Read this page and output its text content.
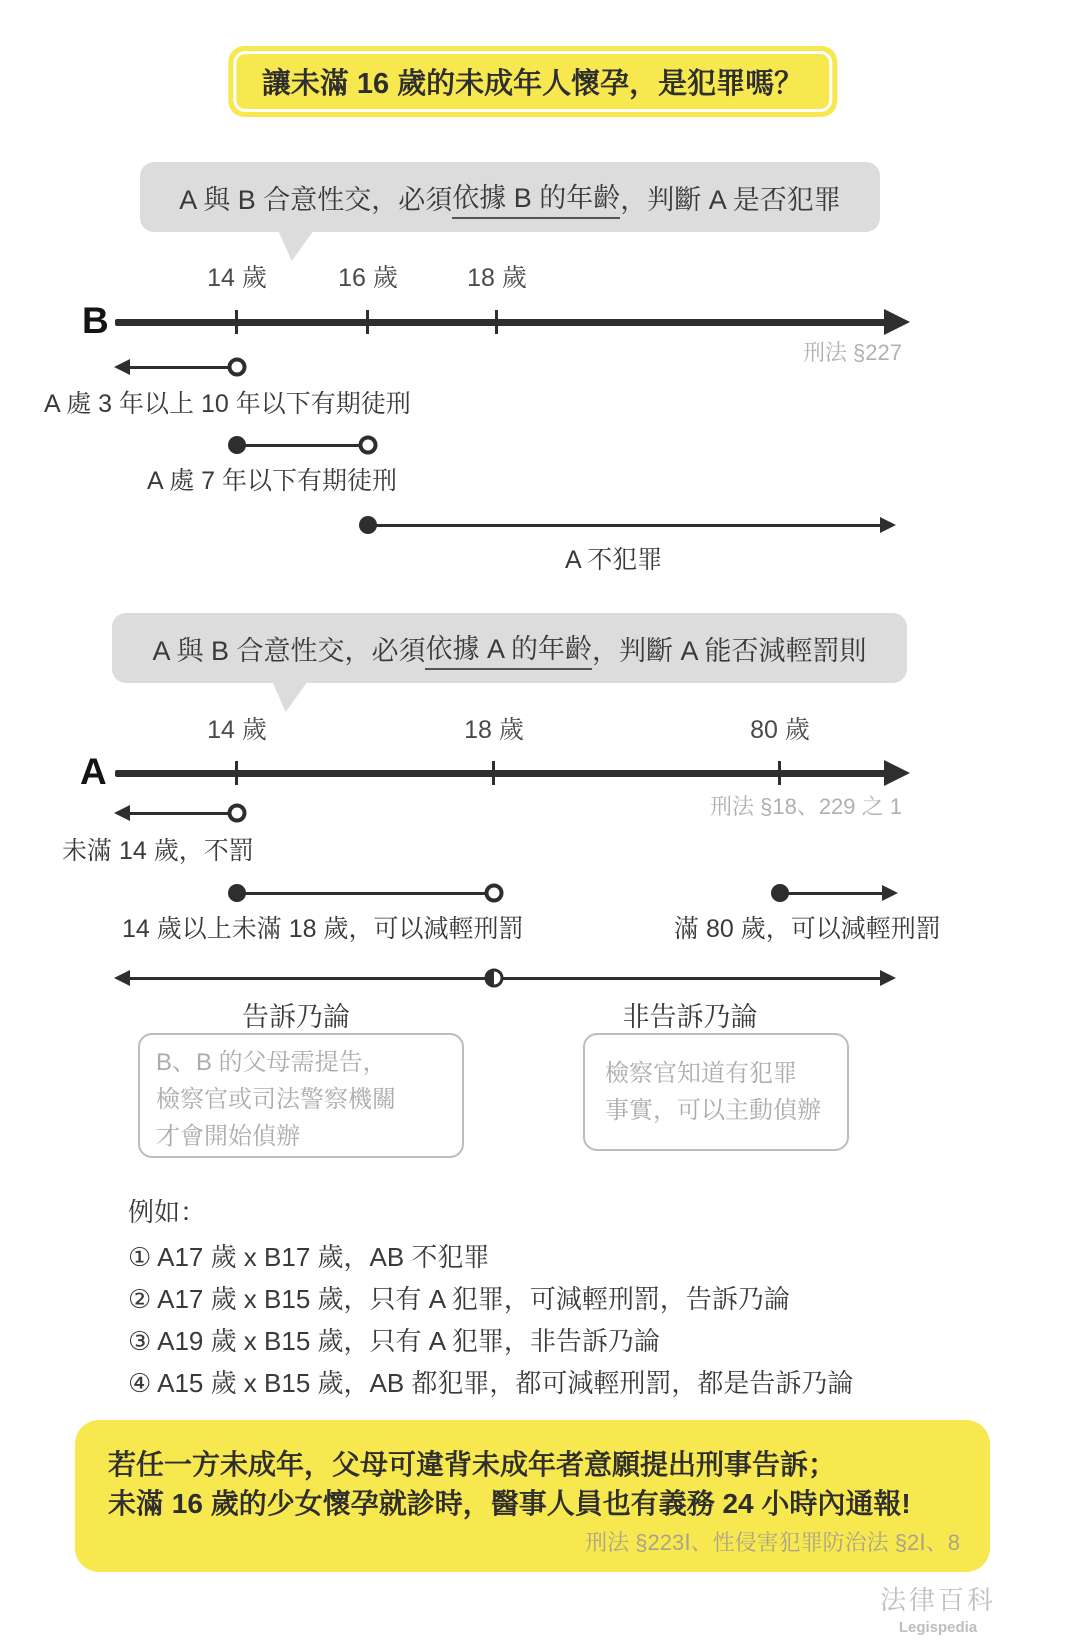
讓未滿 16 歲的未成年人懷孕，是犯罪嗎？
A 與 B 合意性交，必須 依據 B 的年齡 ，判斷 A 是否犯罪
14 歲	16 歲	18 歲
B
刑法 §227
A 處 3 年以上 10 年以下有期徒刑
A 處 7 年以下有期徒刑
A 不犯罪
A 與 B 合意性交，必須 依據 A 的年齡 ，判斷 A 能否減輕罰則
14 歲	18 歲	80 歲
A
刑法 §18、229 之 1
未滿 14 歲，不罰
14 歲以上未滿 18 歲，可以減輕刑罰	滿 80 歲，可以減輕刑罰
告訴乃論	非告訴乃論
B、B 的父母需提告，
檢察官或司法警察機關
才會開始偵辦
檢察官知道有犯罪
事實，可以主動偵辦
例如：
① A17 歲 x B17 歲，AB 不犯罪
② A17 歲 x B15 歲，只有 A 犯罪，可減輕刑罰，告訴乃論
③ A19 歲 x B15 歲，只有 A 犯罪，非告訴乃論
④ A15 歲 x B15 歲，AB 都犯罪，都可減輕刑罰，都是告訴乃論
若任一方未成年，父母可違背未成年者意願提出刑事告訴；
未滿 16 歲的少女懷孕就診時，醫事人員也有義務 24 小時內通報!
刑法 §223Ⅰ、性侵害犯罪防治法 §2Ⅰ、8
法律百科
Legispedia
